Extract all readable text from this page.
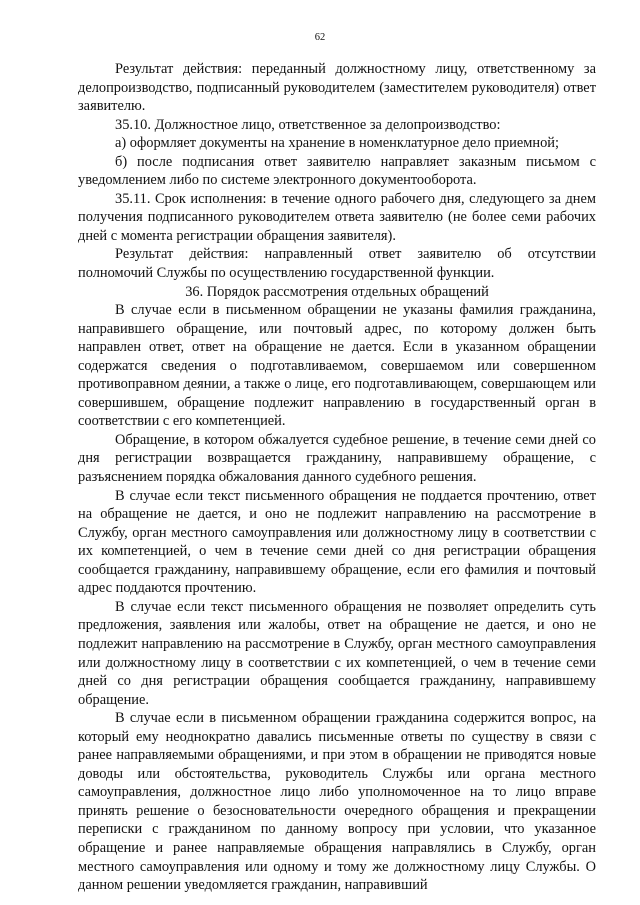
62

Результат действия: переданный должностному лицу, ответственному за делопроизводство, подписанный руководителем (заместителем руководителя) ответ заявителю.

35.10. Должностное лицо, ответственное за делопроизводство:

а) оформляет документы на хранение в номенклатурное дело приемной;

б) после подписания ответ заявителю направляет заказным письмом с уведомлением либо по системе электронного документооборота.

35.11. Срок исполнения: в течение одного рабочего дня, следующего за днем получения подписанного руководителем ответа заявителю (не более семи рабочих дней с момента регистрации обращения заявителя).

Результат действия: направленный ответ заявителю об отсутствии полномочий Службы по осуществлению государственной функции.

36. Порядок рассмотрения отдельных обращений

В случае если в письменном обращении не указаны фамилия гражданина, направившего обращение, или почтовый адрес, по которому должен быть направлен ответ, ответ на обращение не дается. Если в указанном обращении содержатся сведения о подготавливаемом, совершаемом или совершенном противоправном деянии, а также о лице, его подготавливающем, совершающем или совершившем, обращение подлежит направлению в государственный орган в соответствии с его компетенцией.

Обращение, в котором обжалуется судебное решение, в течение семи дней со дня регистрации возвращается гражданину, направившему обращение, с разъяснением порядка обжалования данного судебного решения.

В случае если текст письменного обращения не поддается прочтению, ответ на обращение не дается, и оно не подлежит направлению на рассмотрение в Службу, орган местного самоуправления или должностному лицу в соответствии с их компетенцией, о чем в течение семи дней со дня регистрации обращения сообщается гражданину, направившему обращение, если его фамилия и почтовый адрес поддаются прочтению.

В случае если текст письменного обращения не позволяет определить суть предложения, заявления или жалобы, ответ на обращение не дается, и оно не подлежит направлению на рассмотрение в Службу, орган местного самоуправления или должностному лицу в соответствии с их компетенцией, о чем в течение семи дней со дня регистрации обращения сообщается гражданину, направившему обращение.

В случае если в письменном обращении гражданина содержится вопрос, на который ему неоднократно давались письменные ответы по существу в связи с ранее направляемыми обращениями, и при этом в обращении не приводятся новые доводы или обстоятельства, руководитель Службы или органа местного самоуправления, должностное лицо либо уполномоченное на то лицо вправе принять решение о безосновательности очередного обращения и прекращении переписки с гражданином по данному вопросу при условии, что указанное обращение и ранее направляемые обращения направлялись в Службу, орган местного самоуправления или одному и тому же должностному лицу Службы. О данном решении уведомляется гражданин, направивший
